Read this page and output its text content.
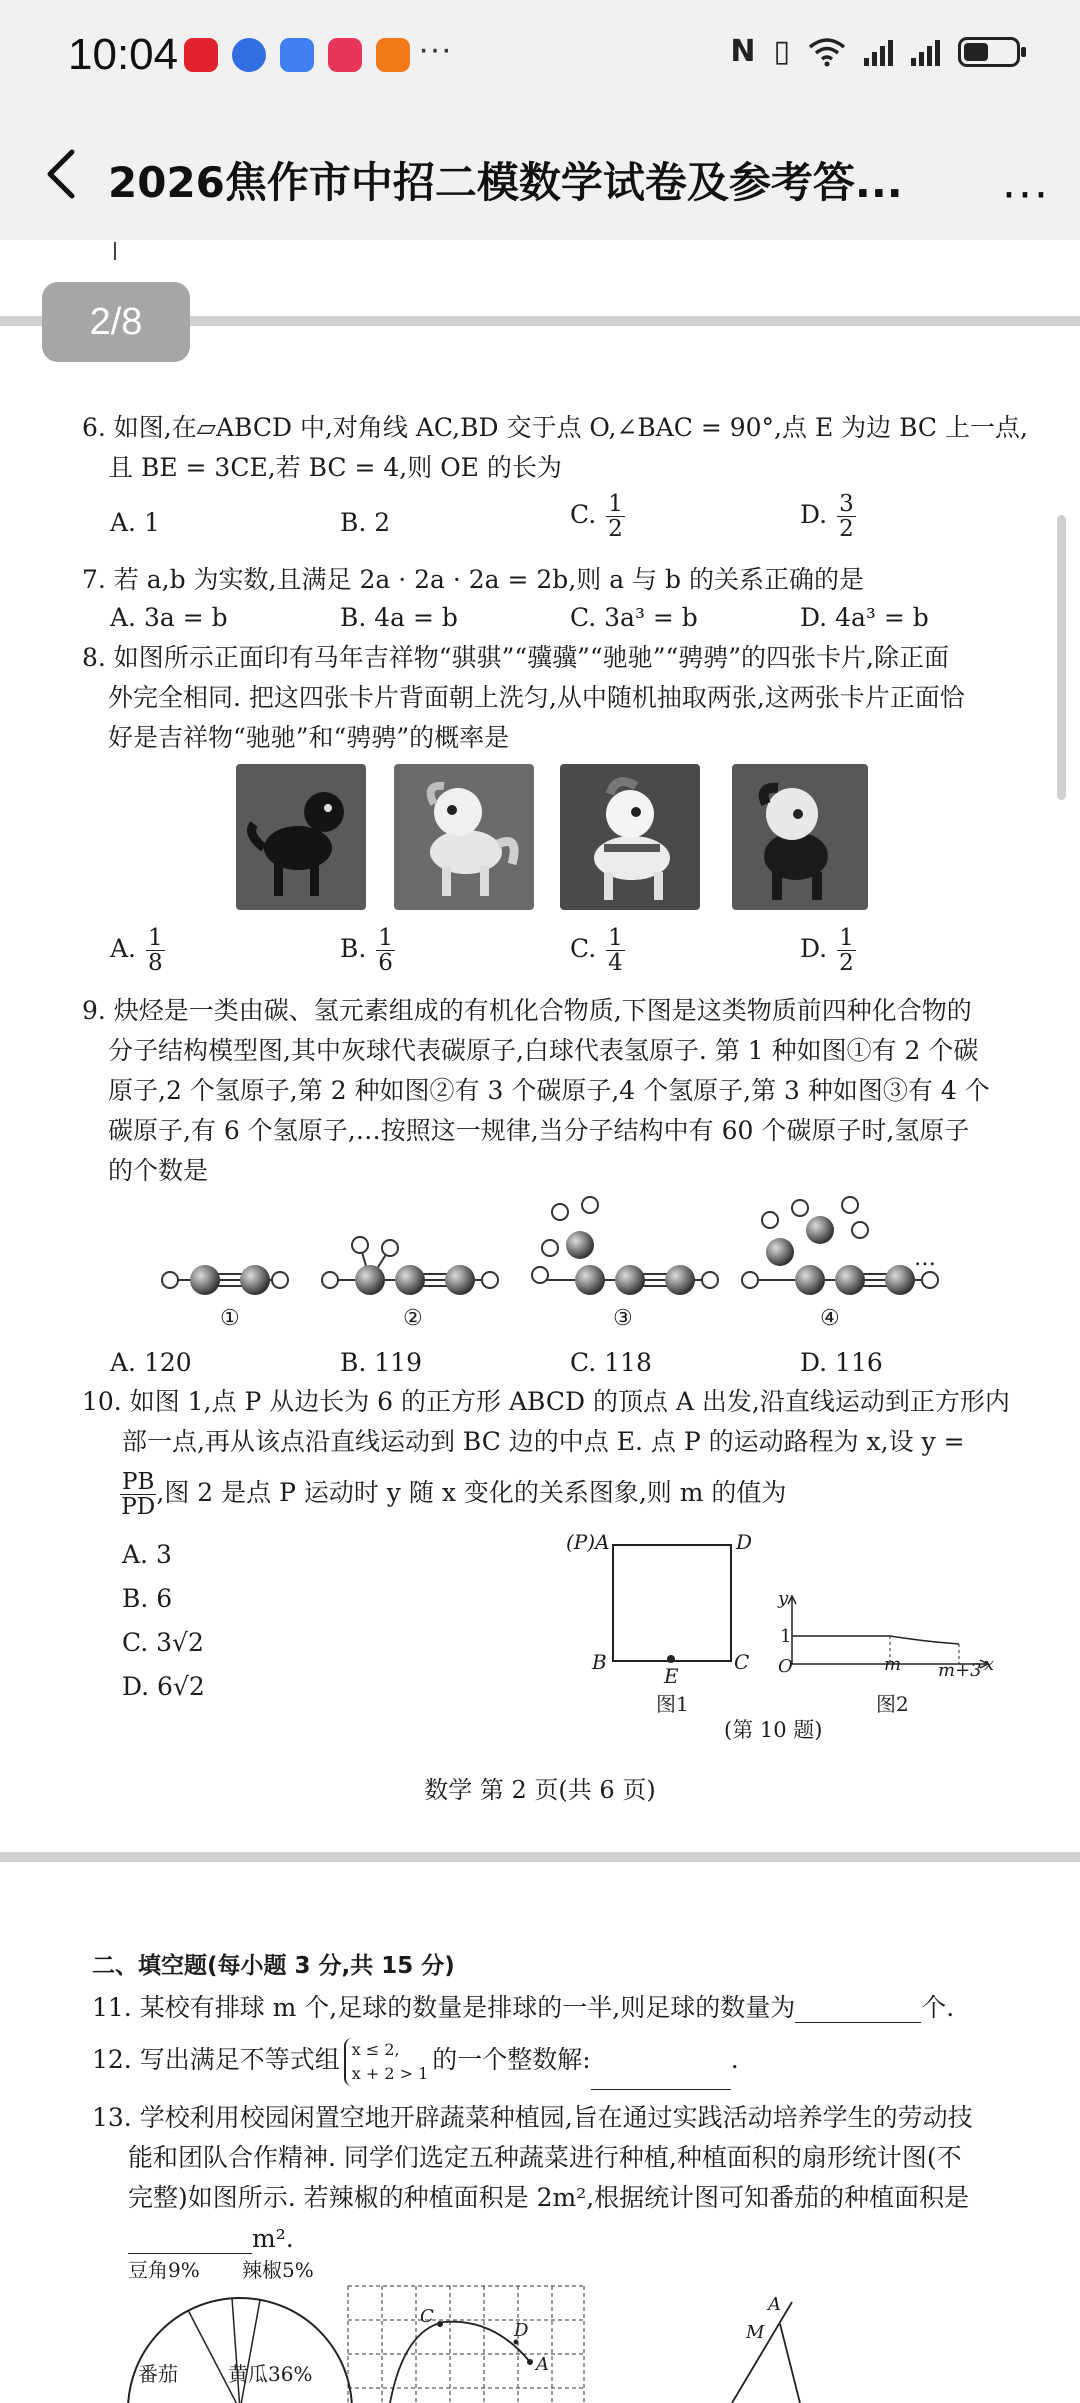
10:04	···	N ▯
2026焦作市中招二模数学试卷及参考答...	···
2/8
6. 如图,在▱ABCD 中,对角线 AC,BD 交于点 O,∠BAC = 90°,点 E 为边 BC 上一点,
且 BE = 3CE,若 BC = 4,则 OE 的长为
A. 1	B. 2	C. $\frac{1}{2}$	D. $\frac{3}{2}$
7. 若 a,b 为实数,且满足 2a · 2a · 2a = 2b,则 a 与 b 的关系正确的是
A. 3a = b	B. 4a = b	C. 3a³ = b	D. 4a³ = b
8. 如图所示正面印有马年吉祥物“骐骐”“骥骥”“驰驰”“骋骋”的四张卡片,除正面
外完全相同. 把这四张卡片背面朝上洗匀,从中随机抽取两张,这两张卡片正面恰
好是吉祥物“驰驰”和“骋骋”的概率是
A. $\frac{1}{8}$	B. $\frac{1}{6}$	C. $\frac{1}{4}$	D. $\frac{1}{2}$
9. 炔烃是一类由碳、氢元素组成的有机化合物质,下图是这类物质前四种化合物的
分子结构模型图,其中灰球代表碳原子,白球代表氢原子. 第 1 种如图①有 2 个碳
原子,2 个氢原子,第 2 种如图②有 3 个碳原子,4 个氢原子,第 3 种如图③有 4 个
碳原子,有 6 个氢原子,…按照这一规律,当分子结构中有 60 个碳原子时,氢原子
的个数是
…
①	②	③	④
A. 120	B. 119	C. 118	D. 116
10. 如图 1,点 P 从边长为 6 的正方形 ABCD 的顶点 A 出发,沿直线运动到正方形内
部一点,再从该点沿直线运动到 BC 边的中点 E. 点 P 的运动路程为 x,设 y =
$\frac{PB}{PD}$ ,图 2 是点 P 运动时 y 随 x 变化的关系图象,则 m 的值为
A. 3
B. 6
C. 3√2
D. 6√2
(P)A	D
B	C
E
图1
y
1
O	m m+3 x
图2
(第 10 题)
数学 第 2 页(共 6 页)
二、填空题(每小题 3 分,共 15 分)
11. 某校有排球 m 个,足球的数量是排球的一半,则足球的数量为	个.
12. 写出满足不等式组 x ≤ 2,
x + 2 > 1 的一个整数解:	.
13. 学校利用校园闲置空地开辟蔬菜种植园,旨在通过实践活动培养学生的劳动技
能和团队合作精神. 同学们选定五种蔬菜进行种植,种植面积的扇形统计图(不
完整)如图所示. 若辣椒的种植面积是 2m²,根据统计图可知番茄的种植面积是
m².
豆角9% 辣椒5%
番茄	黄瓜36%
C
D
A
A
M
